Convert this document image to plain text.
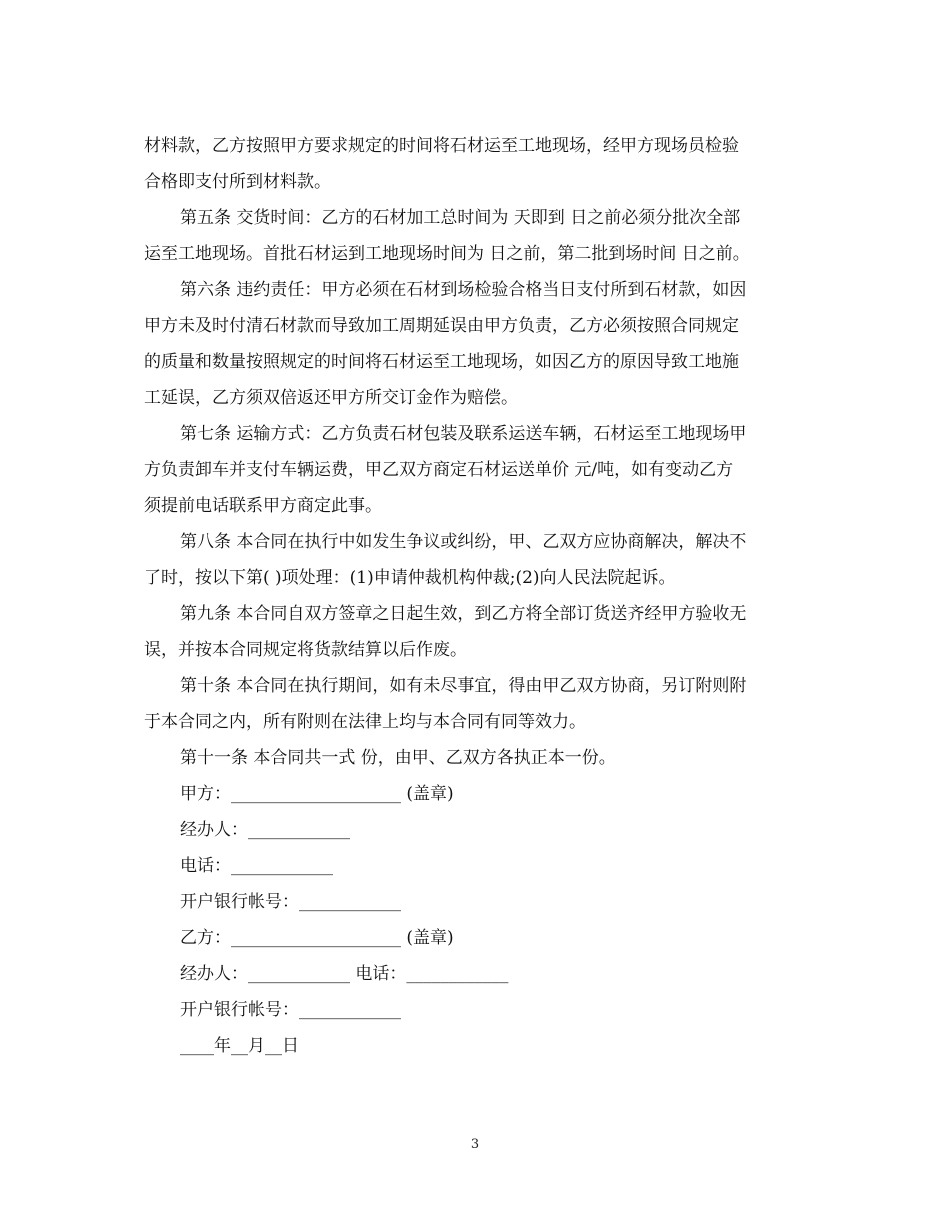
材料款，乙方按照甲方要求规定的时间将石材运至工地现场，经甲方现场员检验
合格即支付所到材料款。
第五条 交货时间：乙方的石材加工总时间为 天即到 日之前必须分批次全部
运至工地现场。首批石材运到工地现场时间为 日之前，第二批到场时间 日之前。
第六条 违约责任：甲方必须在石材到场检验合格当日支付所到石材款，如因
甲方未及时付清石材款而导致加工周期延误由甲方负责，乙方必须按照合同规定
的质量和数量按照规定的时间将石材运至工地现场，如因乙方的原因导致工地施
工延误，乙方须双倍返还甲方所交订金作为赔偿。
第七条 运输方式：乙方负责石材包装及联系运送车辆，石材运至工地现场甲
方负责卸车并支付车辆运费，甲乙双方商定石材运送单价 元/吨，如有变动乙方
须提前电话联系甲方商定此事。
第八条 本合同在执行中如发生争议或纠纷，甲、乙双方应协商解决，解决不
了时，按以下第( )项处理：(1)申请仲裁机构仲裁;(2)向人民法院起诉。
第九条 本合同自双方签章之日起生效，到乙方将全部订货送齐经甲方验收无
误，并按本合同规定将货款结算以后作废。
第十条 本合同在执行期间，如有未尽事宜，得由甲乙双方协商，另订附则附
于本合同之内，所有附则在法律上均与本合同有同等效力。
第十一条 本合同共一式 份，由甲、乙双方各执正本一份。
甲方：____________________ (盖章)
经办人：____________
电话：____________
开户银行帐号：____________
乙方：____________________ (盖章)
经办人：____________ 电话：____________
开户银行帐号：____________
____年__月__日
3
